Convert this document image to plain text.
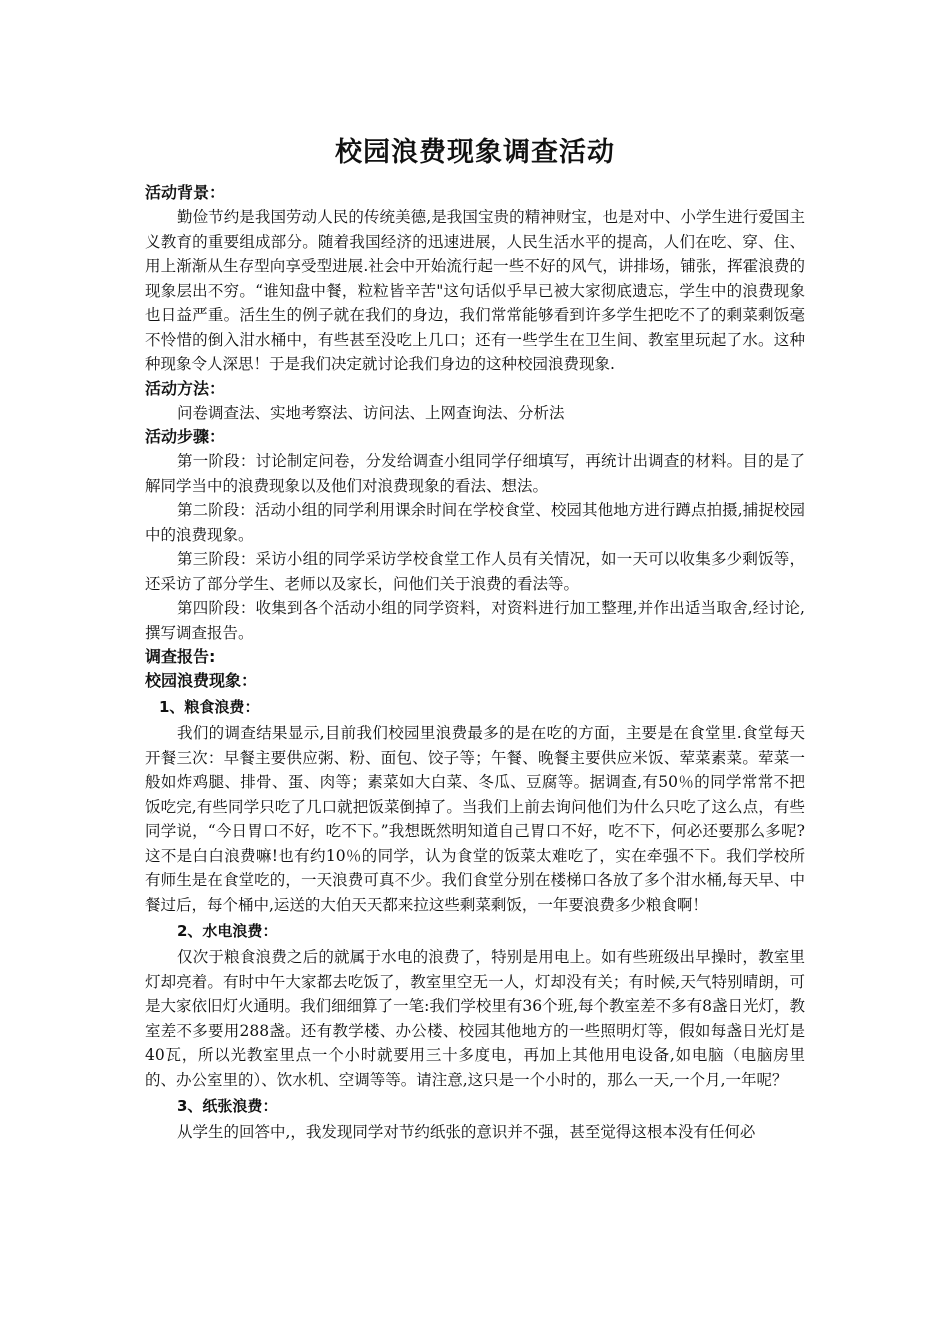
校园浪费现象调查活动
活动背景：

勤俭节约是我国劳动人民的传统美德,是我国宝贵的精神财宝，也是对中、小学生进行爱国主义教育的重要组成部分。随着我国经济的迅速进展，人民生活水平的提高，人们在吃、穿、住、用上渐渐从生存型向享受型进展.社会中开始流行起一些不好的风气，讲排场，铺张，挥霍浪费的现象层出不穷。“谁知盘中餐，粒粒皆辛苦"这句话似乎早已被大家彻底遗忘，学生中的浪费现象也日益严重。活生生的例子就在我们的身边，我们常常能够看到许多学生把吃不了的剩菜剩饭毫不怜惜的倒入泔水桶中，有些甚至没吃上几口；还有一些学生在卫生间、教室里玩起了水。这种种现象令人深思！于是我们决定就讨论我们身边的这种校园浪费现象.

活动方法：

问卷调查法、实地考察法、访问法、上网查询法、分析法

活动步骤：

第一阶段：讨论制定问卷，分发给调查小组同学仔细填写，再统计出调查的材料。目的是了解同学当中的浪费现象以及他们对浪费现象的看法、想法。

第二阶段：活动小组的同学利用课余时间在学校食堂、校园其他地方进行蹲点拍摄,捕捉校园中的浪费现象。

第三阶段：采访小组的同学采访学校食堂工作人员有关情况，如一天可以收集多少剩饭等，还采访了部分学生、老师以及家长，问他们关于浪费的看法等。

第四阶段：收集到各个活动小组的同学资料，对资料进行加工整理,并作出适当取舍,经讨论,撰写调查报告。

调查报告:
校园浪费现象：
1、粮食浪费：

我们的调查结果显示,目前我们校园里浪费最多的是在吃的方面，主要是在食堂里.食堂每天开餐三次：早餐主要供应粥、粉、面包、饺子等；午餐、晚餐主要供应米饭、荤菜素菜。荤菜一般如炸鸡腿、排骨、蛋、肉等；素菜如大白菜、冬瓜、豆腐等。据调查,有50％的同学常常不把饭吃完,有些同学只吃了几口就把饭菜倒掉了。当我们上前去询问他们为什么只吃了这么点，有些同学说，“今日胃口不好，吃不下。”我想既然明知道自己胃口不好，吃不下，何必还要那么多呢?这不是白白浪费嘛!也有约10％的同学，认为食堂的饭菜太难吃了，实在牵强不下。我们学校所有师生是在食堂吃的，一天浪费可真不少。我们食堂分别在楼梯口各放了多个泔水桶,每天早、中餐过后，每个桶中,运送的大伯天天都来拉这些剩菜剩饭，一年要浪费多少粮食啊！

2、水电浪费：

仅次于粮食浪费之后的就属于水电的浪费了，特别是用电上。如有些班级出早操时，教室里灯却亮着。有时中午大家都去吃饭了，教室里空无一人，灯却没有关；有时候,天气特别晴朗，可是大家依旧灯火通明。我们细细算了一笔:我们学校里有36个班,每个教室差不多有8盏日光灯，教室差不多要用288盏。还有教学楼、办公楼、校园其他地方的一些照明灯等，假如每盏日光灯是40瓦，所以光教室里点一个小时就要用三十多度电，再加上其他用电设备,如电脑（电脑房里的、办公室里的）、饮水机、空调等等。请注意,这只是一个小时的，那么一天,一个月,一年呢？

3、纸张浪费：

从学生的回答中,，我发现同学对节约纸张的意识并不强，甚至觉得这根本没有任何必
